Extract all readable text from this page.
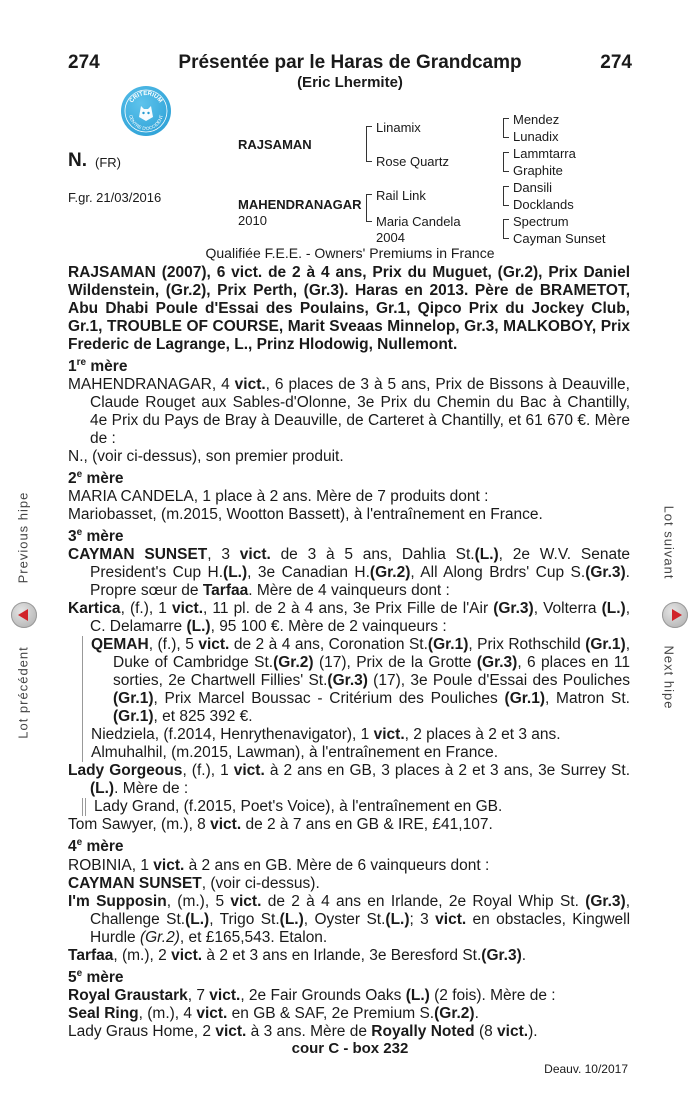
274	Présentée par le Haras de Grandcamp	274
(Eric Lhermite)
CRITERIUM
CENTRE D'OCCIDENT
N. (FR)
F.gr. 21/03/2016
RAJSAMAN
MAHENDRANAGAR
2010
Linamix
Rose Quartz
Rail Link
Maria Candela
2004
Mendez
Lunadix
Lammtarra
Graphite
Dansili
Docklands
Spectrum
Cayman Sunset
Qualifiée F.E.E. - Owners' Premiums in France
Previous hipe
Lot précédent
Lot suivant
Next hipe

RAJSAMAN (2007), 6 vict. de 2 à 4 ans, Prix du Muguet, (Gr.2), Prix Daniel Wildenstein, (Gr.2), Prix Perth, (Gr.3). Haras en 2013. Père de BRAMETOT, Abu Dhabi Poule d'Essai des Poulains, Gr.1, Qipco Prix du Jockey Club, Gr.1, TROUBLE OF COURSE, Marit Sveaas Minnelop, Gr.3, MALKOBOY, Prix Frederic de Lagrange, L., Prinz Hlodowig, Nullemont.

1re mère

MAHENDRANAGAR, 4 vict., 6 places de 3 à 5 ans, Prix de Bissons à Deauville, Claude Rouget aux Sables-d'Olonne, 3e Prix du Chemin du Bac à Chantilly, 4e Prix du Pays de Bray à Deauville, de Carteret à Chantilly, et 61 670 €. Mère de :

N., (voir ci-dessus), son premier produit.

2e mère

MARIA CANDELA, 1 place à 2 ans. Mère de 7 produits dont :

Mariobasset, (m.2015, Wootton Bassett), à l'entraînement en France.

3e mère

CAYMAN SUNSET, 3 vict. de 3 à 5 ans, Dahlia St.(L.), 2e W.V. Senate President's Cup H.(L.), 3e Canadian H.(Gr.2), All Along Brdrs' Cup S.(Gr.3). Propre sœur de Tarfaa. Mère de 4 vainqueurs dont :

Kartica, (f.), 1 vict., 11 pl. de 2 à 4 ans, 3e Prix Fille de l'Air (Gr.3), Volterra (L.), C. Delamarre (L.), 95 100 €. Mère de 2 vainqueurs :

QEMAH, (f.), 5 vict. de 2 à 4 ans, Coronation St.(Gr.1), Prix Rothschild (Gr.1), Duke of Cambridge St.(Gr.2) (17), Prix de la Grotte (Gr.3), 6 places en 11 sorties, 2e Chartwell Fillies' St.(Gr.3) (17), 3e Poule d'Essai des Pouliches (Gr.1), Prix Marcel Boussac - Critérium des Pouliches (Gr.1), Matron St.(Gr.1), et 825 392 €.

Niedziela, (f.2014, Henrythenavigator), 1 vict., 2 places à 2 et 3 ans.

Almuhalhil, (m.2015, Lawman), à l'entraînement en France.

Lady Gorgeous, (f.), 1 vict. à 2 ans en GB, 3 places à 2 et 3 ans, 3e Surrey St.(L.). Mère de :

Lady Grand, (f.2015, Poet's Voice), à l'entraînement en GB.

Tom Sawyer, (m.), 8 vict. de 2 à 7 ans en GB & IRE, £41,107.

4e mère

ROBINIA, 1 vict. à 2 ans en GB. Mère de 6 vainqueurs dont :

CAYMAN SUNSET, (voir ci-dessus).

I'm Supposin, (m.), 5 vict. de 2 à 4 ans en Irlande, 2e Royal Whip St. (Gr.3), Challenge St.(L.), Trigo St.(L.), Oyster St.(L.); 3 vict. en obstacles, Kingwell Hurdle (Gr.2), et £165,543. Etalon.

Tarfaa, (m.), 2 vict. à 2 et 3 ans en Irlande, 3e Beresford St.(Gr.3).

5e mère

Royal Graustark, 7 vict., 2e Fair Grounds Oaks (L.) (2 fois). Mère de :

Seal Ring, (m.), 4 vict. en GB & SAF, 2e Premium S.(Gr.2).

Lady Graus Home, 2 vict. à 3 ans. Mère de Royally Noted (8 vict.).

cour C - box 232
Deauv. 10/2017
